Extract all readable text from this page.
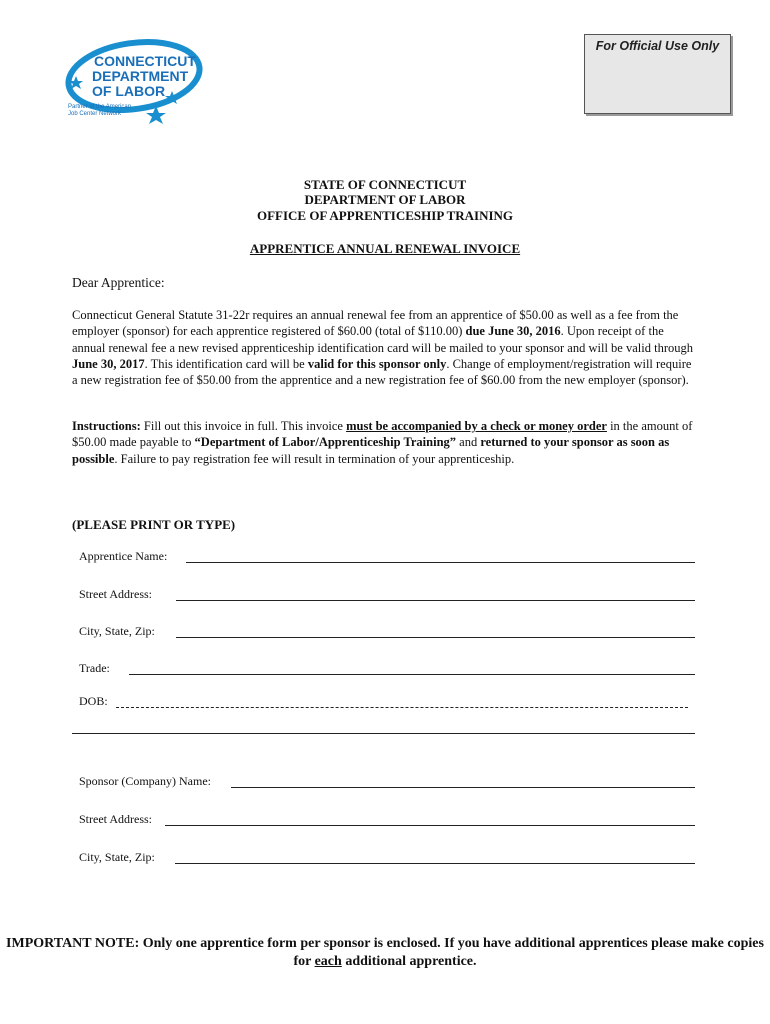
CONNECTICUT
DEPARTMENT
OF LABOR
Partner of the American
Job Center Network
For Official Use Only
STATE OF CONNECTICUT
DEPARTMENT OF LABOR
OFFICE OF APPRENTICESHIP TRAINING
APPRENTICE ANNUAL RENEWAL INVOICE
Dear Apprentice:
Connecticut General Statute 31-22r requires an annual renewal fee from an apprentice of $50.00 as well as a fee from the employer (sponsor) for each apprentice registered of $60.00 (total of $110.00) due June 30, 2016. Upon receipt of the annual renewal fee a new revised apprenticeship identification card will be mailed to your sponsor and will be valid through June 30, 2017. This identification card will be valid for this sponsor only. Change of employment/registration will require a new registration fee of $50.00 from the apprentice and a new registration fee of $60.00 from the new employer (sponsor).
Instructions: Fill out this invoice in full. This invoice must be accompanied by a check or money order in the amount of $50.00 made payable to “Department of Labor/Apprenticeship Training” and returned to your sponsor as soon as possible. Failure to pay registration fee will result in termination of your apprenticeship.
(PLEASE PRINT OR TYPE)
Apprentice Name:
Street Address:
City, State, Zip:
Trade:
DOB:
Sponsor (Company) Name:
Street Address:
City, State, Zip:
IMPORTANT NOTE: Only one apprentice form per sponsor is enclosed. If you have additional apprentices please make copies for each additional apprentice.
